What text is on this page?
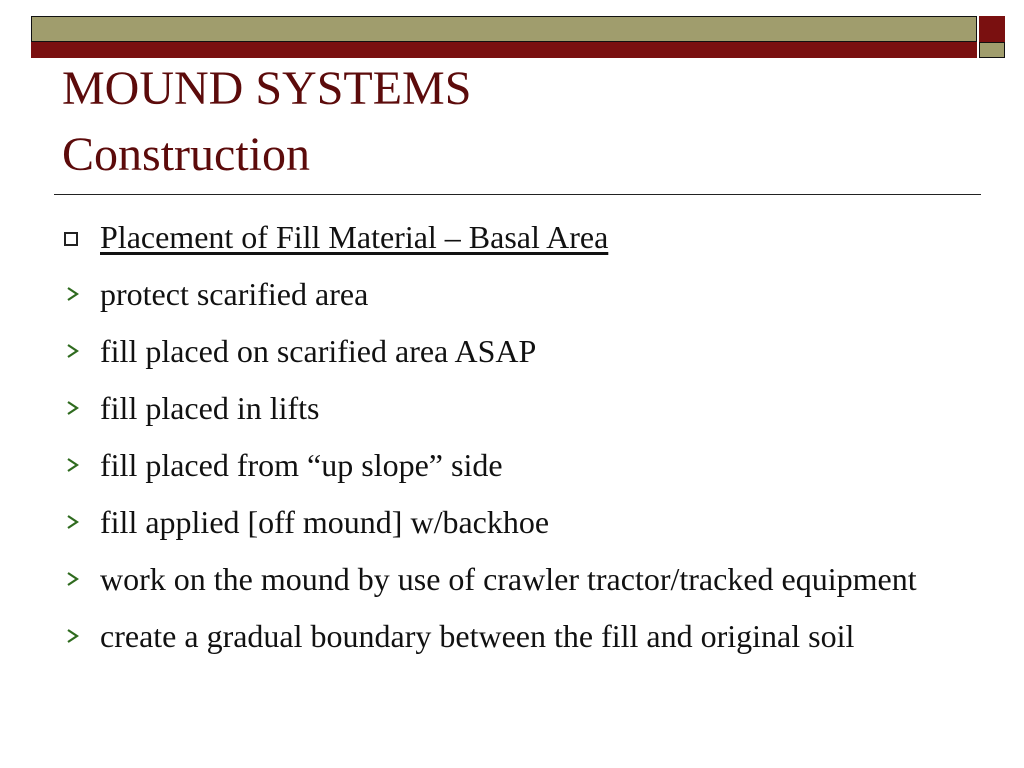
MOUND SYSTEMS
Construction
Placement of Fill Material – Basal Area
protect scarified area
fill placed on scarified area ASAP
fill placed in lifts
fill placed from “up slope” side
fill applied [off mound] w/backhoe
work on the mound by use of crawler tractor/tracked equipment
create a gradual boundary between the fill and original soil
